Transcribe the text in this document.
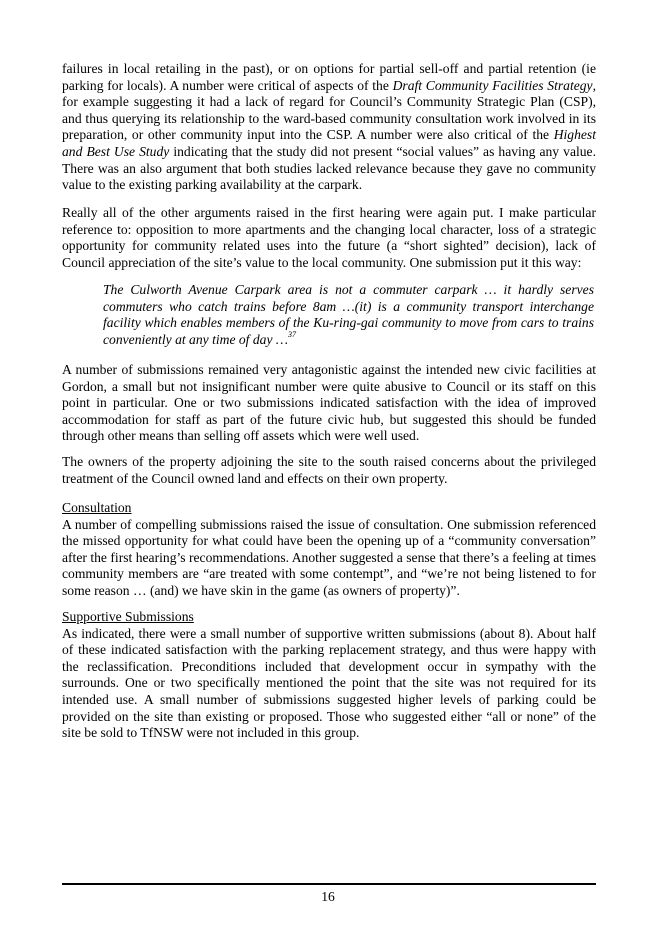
failures in local retailing in the past), or on options for partial sell-off and partial retention (ie parking for locals). A number were critical of aspects of the Draft Community Facilities Strategy, for example suggesting it had a lack of regard for Council’s Community Strategic Plan (CSP), and thus querying its relationship to the ward-based community consultation work involved in its preparation, or other community input into the CSP. A number were also critical of the Highest and Best Use Study indicating that the study did not present “social values” as having any value. There was an also argument that both studies lacked relevance because they gave no community value to the existing parking availability at the carpark.

Really all of the other arguments raised in the first hearing were again put. I make particular reference to: opposition to more apartments and the changing local character, loss of a strategic opportunity for community related uses into the future (a “short sighted” decision), lack of Council appreciation of the site’s value to the local community. One submission put it this way:

The Culworth Avenue Carpark area is not a commuter carpark … it hardly serves commuters who catch trains before 8am …(it) is a community transport interchange facility which enables members of the Ku-ring-gai community to move from cars to trains conveniently at any time of day …$^{37}$

A number of submissions remained very antagonistic against the intended new civic facilities at Gordon, a small but not insignificant number were quite abusive to Council or its staff on this point in particular. One or two submissions indicated satisfaction with the idea of improved accommodation for staff as part of the future civic hub, but suggested this should be funded through other means than selling off assets which were well used.

The owners of the property adjoining the site to the south raised concerns about the privileged treatment of the Council owned land and effects on their own property.

Consultation
A number of compelling submissions raised the issue of consultation. One submission referenced the missed opportunity for what could have been the opening up of a “community conversation” after the first hearing’s recommendations. Another suggested a sense that there’s a feeling at times community members are “are treated with some contempt”, and “we’re not being listened to for some reason … (and) we have skin in the game (as owners of property)”.
Supportive Submissions
As indicated, there were a small number of supportive written submissions (about 8). About half of these indicated satisfaction with the parking replacement strategy, and thus were happy with the reclassification. Preconditions included that development occur in sympathy with the surrounds. One or two specifically mentioned the point that the site was not required for its intended use. A small number of submissions suggested higher levels of parking could be provided on the site than existing or proposed. Those who suggested either “all or none” of the site be sold to TfNSW were not included in this group.
16
